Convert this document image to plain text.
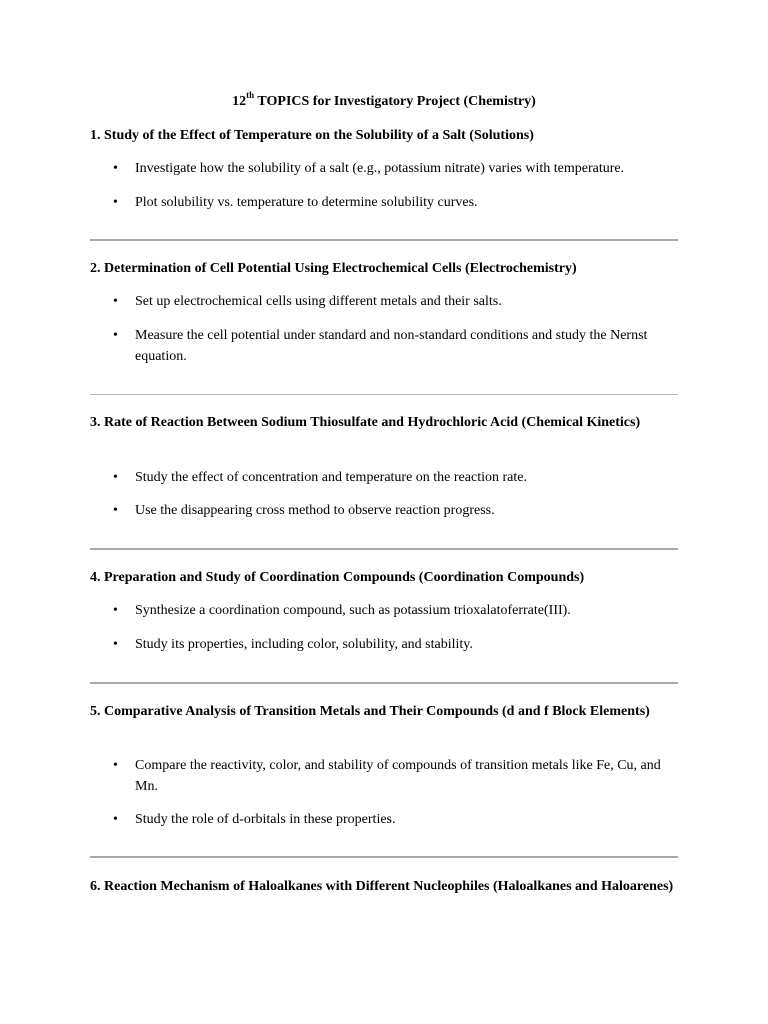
12th TOPICS for Investigatory Project (Chemistry)

1. Study of the Effect of Temperature on the Solubility of a Salt (Solutions)

• Investigate how the solubility of a salt (e.g., potassium nitrate) varies with temperature.
• Plot solubility vs. temperature to determine solubility curves.

2. Determination of Cell Potential Using Electrochemical Cells (Electrochemistry)

• Set up electrochemical cells using different metals and their salts.
• Measure the cell potential under standard and non-standard conditions and study the Nernst equation.

3. Rate of Reaction Between Sodium Thiosulfate and Hydrochloric Acid (Chemical Kinetics)

• Study the effect of concentration and temperature on the reaction rate.
• Use the disappearing cross method to observe reaction progress.

4. Preparation and Study of Coordination Compounds (Coordination Compounds)

• Synthesize a coordination compound, such as potassium trioxalatoferrate(III).
• Study its properties, including color, solubility, and stability.

5. Comparative Analysis of Transition Metals and Their Compounds (d and f Block Elements)

• Compare the reactivity, color, and stability of compounds of transition metals like Fe, Cu, and Mn.
• Study the role of d-orbitals in these properties.

6. Reaction Mechanism of Haloalkanes with Different Nucleophiles (Haloalkanes and Haloarenes)
